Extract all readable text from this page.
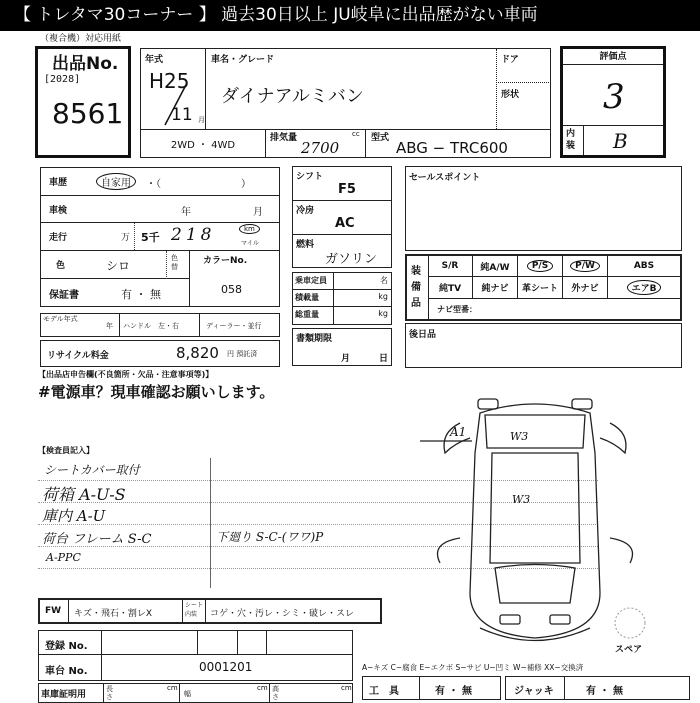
【 トレタマ30コーナー 】 過去30日以上 JU岐阜に出品歴がない車両
（複合機）対応用紙
出品No.
[2028]
8561
年式
H25
11 月
車名・グレード
ダイナアルミバン
ドア
形状
2WD ・ 4WD
排気量	cc
2700
型式
ABG − TRC600
評価点
3
内装 B
車歴	自家用	・（　　　　　　　　）
車検	年	月
走行	万 5千 218	km
マイル
色	シロ
色替
カラーNo.
058
保証書	有 ・ 無
モデル年式
年 ハンドル　左・右	ディーラー・並行
リサイクル料金	8,820 円 預託済
シフト
F5
冷房
AC
燃料
ガソリン
乗車定員	名
積載量	kg
総重量	kg
書類期限
月	日
セールスポイント
装備品
S/R	純A/W	P/S	P/W	ABS
純TV	純ナビ	革シート	外ナビ	エアB
ナビ型番：
後日品
【出品店申告欄(不良箇所・欠品・注意事項等)】
#電源車？現車確認お願いします。
【検査員記入】
シートカバー取付
荷箱 A-U-S
庫内 A-U
荷台 フレーム S-C
A-PPC
下廻り S-C-(ワワ)P
A1	W3
W3
スペア
FW キズ・飛石・割レX
シート内装	コゲ・穴・汚レ・シミ・破レ・スレ
登録 No.
車台 No.	0001201
車庫証明用
長さ
cm
幅
cm 高さ
cm
A−キズ C−腐食 E−エクボ S−サビ U−凹ミ W−補修 XX−交換済
工　具	有 ・ 無	ジャッキ	有 ・ 無
